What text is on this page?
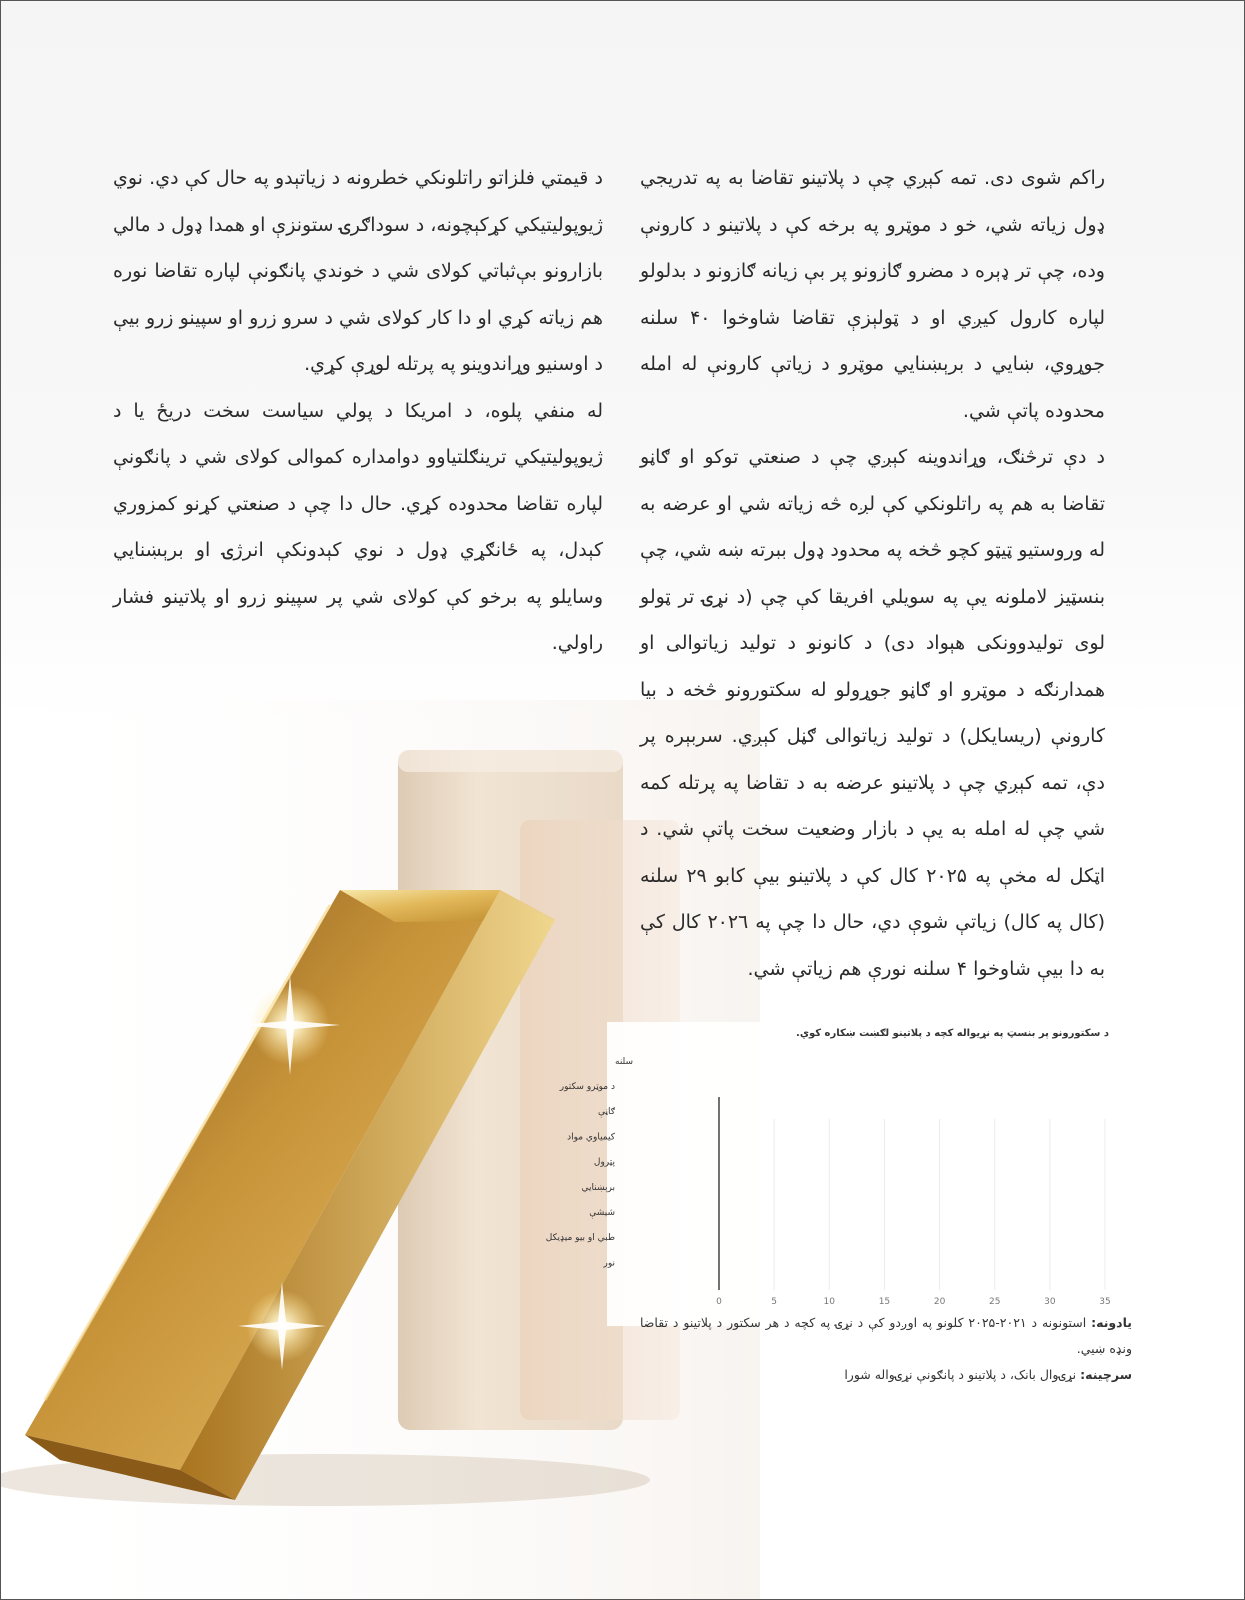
راکم شوی دی. تمه کېږي چې د پلاتینو تقاضا به په تدریجي ډول زیاته شي، خو د موټرو په برخه کې د پلاتینو د کارونې وده، چې تر ډېره د مضرو ګازونو پر بې زیانه ګازونو د بدلولو لپاره کارول کیږي او د ټولېزې تقاضا شاوخوا ۴۰ سلنه جوړوي، ښايي د برېښنايي موټرو د زیاتې کارونې له امله محدوده پاتې شي.

د دې ترڅنګ، وړاندوینه کېږي چې د صنعتي توکو او ګاڼو تقاضا به هم په راتلونکي کې لږه څه زیاته شي او عرضه به له وروستیو ټیټو کچو څخه په محدود ډول ببرته ښه شي، چې بنسټیز لاملونه يې په سویلي افریقا کې چې (د نړۍ تر ټولو لوی تولیدوونکی هېواد دی) د کانونو د تولید زیاتوالی او همدارنګه د موټرو او ګاڼو جوړولو له سکتورونو څخه د بیا کارونې (ریسایکل) د تولید زیاتوالی ګڼل کېږي. سربېره پر دې، تمه کېږي چې د پلاتینو عرضه به د تقاضا په پرتله کمه شي چې له امله به يې د بازار وضعیت سخت پاتې شي. د اټکل له مخې په ۲۰۲۵ کال کې د پلاتینو بیې کابو ۲۹ سلنه (کال په کال) زیاتې شوې دي، حال دا چې په ۲۰۲٦ کال کې به دا بیې شاوخوا ۴ سلنه نورې هم زیاتې شي.

د قیمتي فلزاتو راتلونکي خطرونه د زیاتېدو په حال کې دي. نوي ژیوپولیتیکي کړکېچونه، د سوداګرۍ ستونزې او همدا ډول د مالي بازارونو بې‌ثباتي کولای شي د خوندي پانګونې لپاره تقاضا نوره هم زیاته کړي او دا کار کولای شي د سرو زرو او سپینو زرو بیې د اوسنیو وړاندوینو په پرتله لوړې کړي.

له منفي پلوه، د امریکا د پولي سیاست سخت دریځ یا د ژیوپولیتیکي ترینګلتیاوو دوامداره کموالی کولای شي د پانګونې لپاره تقاضا محدوده کړي. حال دا چې د صنعتي کړنو کمزوري کېدل، په ځانګړي ډول د نوي کېدونکې انرژۍ او برېښنايي وسایلو په برخو کې کولای شي پر سپینو زرو او پلاتینو فشار راولي.

د سکتورونو پر بنسټ په نړیواله کچه د پلاتینو لګښت ښکاره کوي.
0	5	10	15	20	25	30	35
سلنه
د موټرو سکتور
ګاڼې
کیمیاوي مواد
پټرول
برېښنايي
شیشې
طبي او بیو میډیکل
نور

یادونه: استونونه د ۲۰۲۱-۲۰۲۵ کلونو په اوږدو کې د نړۍ په کچه د هر سکتور د پلاتینو د تقاضا ونډه ښيي.

سرچینه: نړۍوال بانک، د پلاتینو د پانګونې نړۍواله شورا
